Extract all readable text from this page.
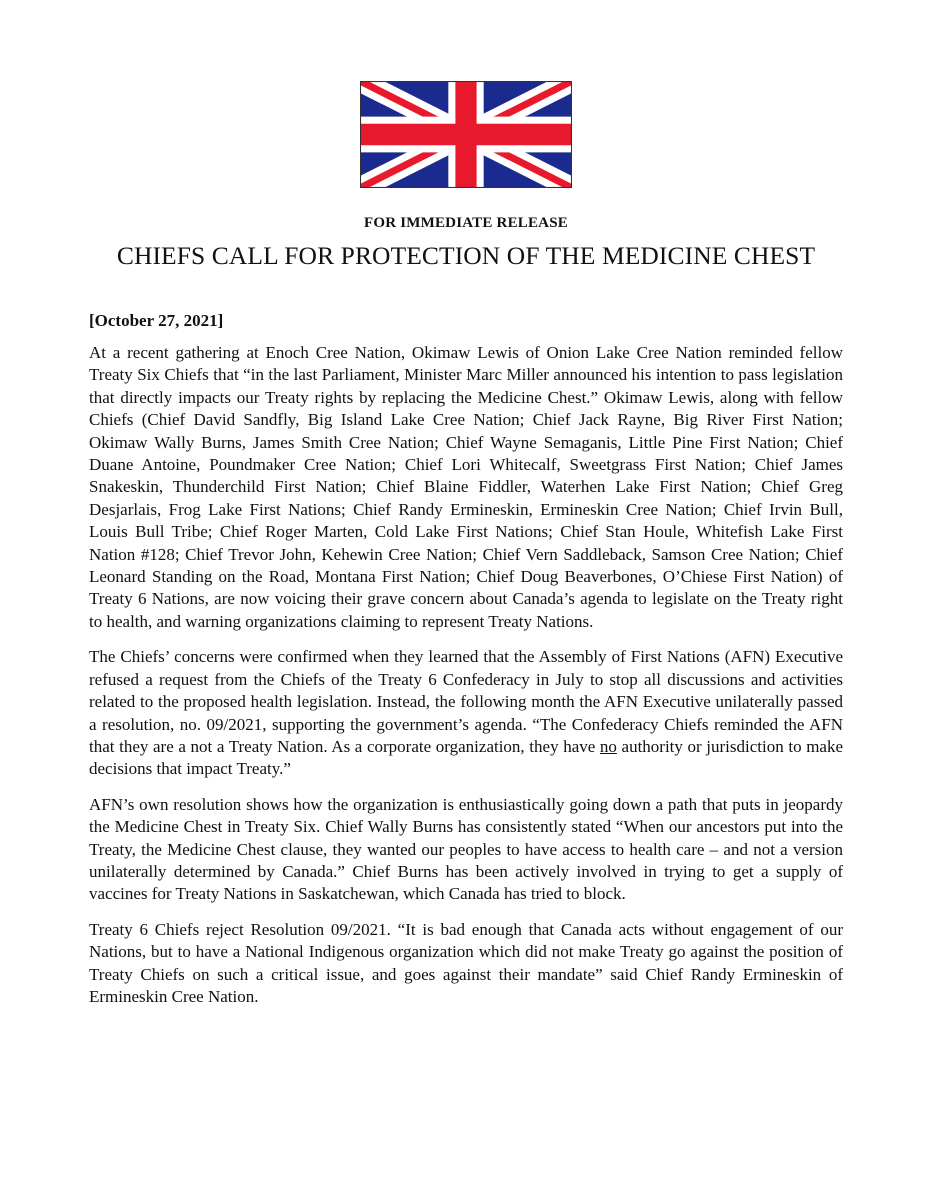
FOR IMMEDIATE RELEASE
CHIEFS CALL FOR PROTECTION OF THE MEDICINE CHEST
[October 27, 2021]

At a recent gathering at Enoch Cree Nation, Okimaw Lewis of Onion Lake Cree Nation reminded fellow Treaty Six Chiefs that “in the last Parliament, Minister Marc Miller announced his intention to pass legislation that directly impacts our Treaty rights by replacing the Medicine Chest.” Okimaw Lewis, along with fellow Chiefs (Chief David Sandfly, Big Island Lake Cree Nation; Chief Jack Rayne, Big River First Nation; Okimaw Wally Burns, James Smith Cree Nation; Chief Wayne Semaganis, Little Pine First Nation; Chief Duane Antoine, Poundmaker Cree Nation; Chief Lori Whitecalf, Sweetgrass First Nation; Chief James Snakeskin, Thunderchild First Nation; Chief Blaine Fiddler, Waterhen Lake First Nation; Chief Greg Desjarlais, Frog Lake First Nations; Chief Randy Ermineskin, Ermineskin Cree Nation; Chief Irvin Bull, Louis Bull Tribe; Chief Roger Marten, Cold Lake First Nations; Chief Stan Houle, Whitefish Lake First Nation #128; Chief Trevor John, Kehewin Cree Nation; Chief Vern Saddleback, Samson Cree Nation; Chief Leonard Standing on the Road, Montana First Nation; Chief Doug Beaverbones, O’Chiese First Nation) of Treaty 6 Nations, are now voicing their grave concern about Canada’s agenda to legislate on the Treaty right to health, and warning organizations claiming to represent Treaty Nations.

The Chiefs’ concerns were confirmed when they learned that the Assembly of First Nations (AFN) Executive refused a request from the Chiefs of the Treaty 6 Confederacy in July to stop all discussions and activities related to the proposed health legislation. Instead, the following month the AFN Executive unilaterally passed a resolution, no. 09/2021, supporting the government’s agenda. “The Confederacy Chiefs reminded the AFN that they are a not a Treaty Nation. As a corporate organization, they have no authority or jurisdiction to make decisions that impact Treaty.”

AFN’s own resolution shows how the organization is enthusiastically going down a path that puts in jeopardy the Medicine Chest in Treaty Six. Chief Wally Burns has consistently stated “When our ancestors put into the Treaty, the Medicine Chest clause, they wanted our peoples to have access to health care – and not a version unilaterally determined by Canada.” Chief Burns has been actively involved in trying to get a supply of vaccines for Treaty Nations in Saskatchewan, which Canada has tried to block.

Treaty 6 Chiefs reject Resolution 09/2021. “It is bad enough that Canada acts without engagement of our Nations, but to have a National Indigenous organization which did not make Treaty go against the position of Treaty Chiefs on such a critical issue, and goes against their mandate” said Chief Randy Ermineskin of Ermineskin Cree Nation.
